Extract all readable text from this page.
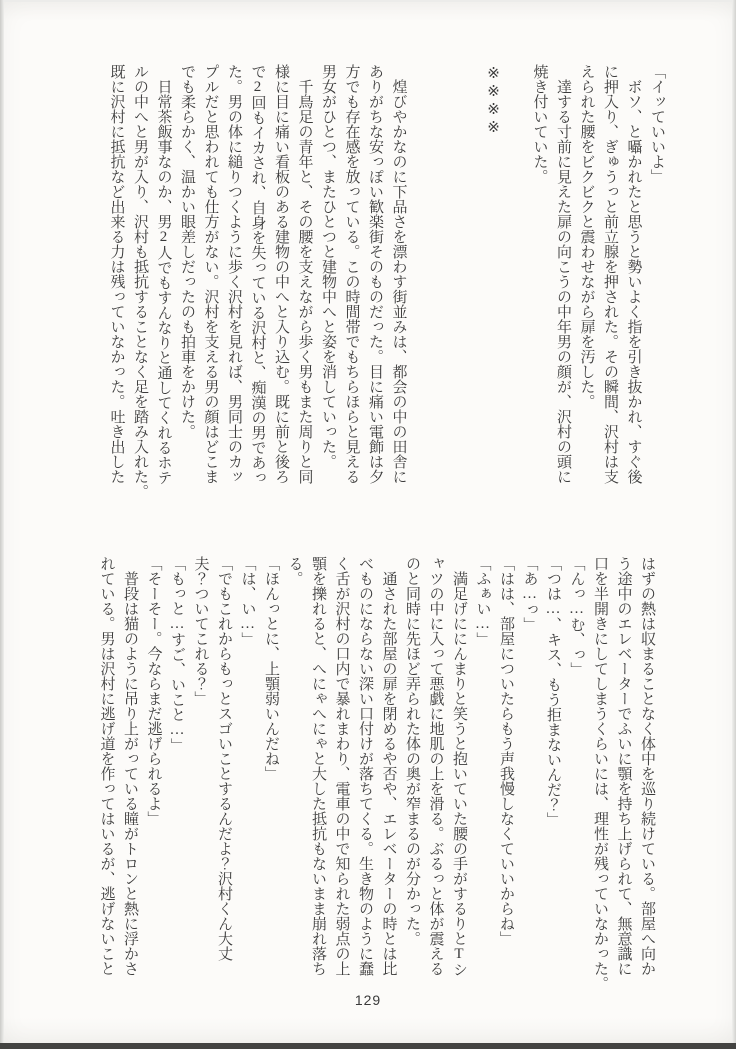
「イッていいよ」

　ボソ、と囁かれたと思うと勢いよく指を引き抜かれ、すぐ後

に押入り、ぎゅうっと前立腺を押された。その瞬間、沢村は支

えられた腰をビクビクと震わせながら扉を汚した。

　達する寸前に見えた扉の向こうの中年男の顔が、沢村の頭に

焼き付いていた。

※※※※

　煌びやかなのに下品さを漂わす街並みは、都会の中の田舎に

ありがちな安っぽい歓楽街そのものだった。目に痛い電飾は夕

方でも存在感を放っている。この時間帯でもちらほらと見える

男女がひとつ、またひとつと建物中へと姿を消していった。

　千鳥足の青年と、その腰を支えながら歩く男もまた周りと同

様に目に痛い看板のある建物の中へと入り込む。既に前と後ろ

で2回もイカされ、自身を失っている沢村と、痴漢の男であっ

た。男の体に縋りつくように歩く沢村を見れば、男同士のカッ

プルだと思われても仕方がない。沢村を支える男の顔はどこま

でも柔らかく、温かい眼差しだったのも拍車をかけた。

　日常茶飯事なのか、男2人でもすんなりと通してくれるホテ

ルの中へと男が入り、沢村も抵抗することなく足を踏み入れた。

既に沢村に抵抗など出来る力は残っていなかった。吐き出した

はずの熱は収まることなく体中を巡り続けている。部屋へ向か

う途中のエレベーターでふいに顎を持ち上げられて、無意識に

口を半開きにしてしまうくらいには、理性が残っていなかった。

「んっ…む、っ」

「つは…、キス、もう拒まないんだ？」

「あ…っ」

「はは、部屋についたらもう声我慢しなくていいからね」

「ふぁい…」

　満足げににんまりと笑うと抱いていた腰の手がするりとTシ

ャツの中に入って悪戯に地肌の上を滑る。ぶるっと体が震える

のと同時に先ほど弄られた体の奥が窄まるのが分かった。

　通された部屋の扉を閉めるや否や、エレベーターの時とは比

べものにならない深い口付けが落ちてくる。生き物のように蠢

く舌が沢村の口内で暴れまわり、電車の中で知られた弱点の上

顎を擽れると、へにゃへにゃと大した抵抗もないまま崩れ落ち

る。

「ほんっとに、上顎弱いんだね」

「は、い…」

「でもこれからもっとスゴいことするんだよ？沢村くん大丈

夫？ついてこれる？」

「もっと…すご、いこと…」

「そーそー。今ならまだ逃げられるよ」

　普段は猫のように吊り上がっている瞳がトロンと熱に浮かさ

れている。男は沢村に逃げ道を作ってはいるが、逃げないこと

129
